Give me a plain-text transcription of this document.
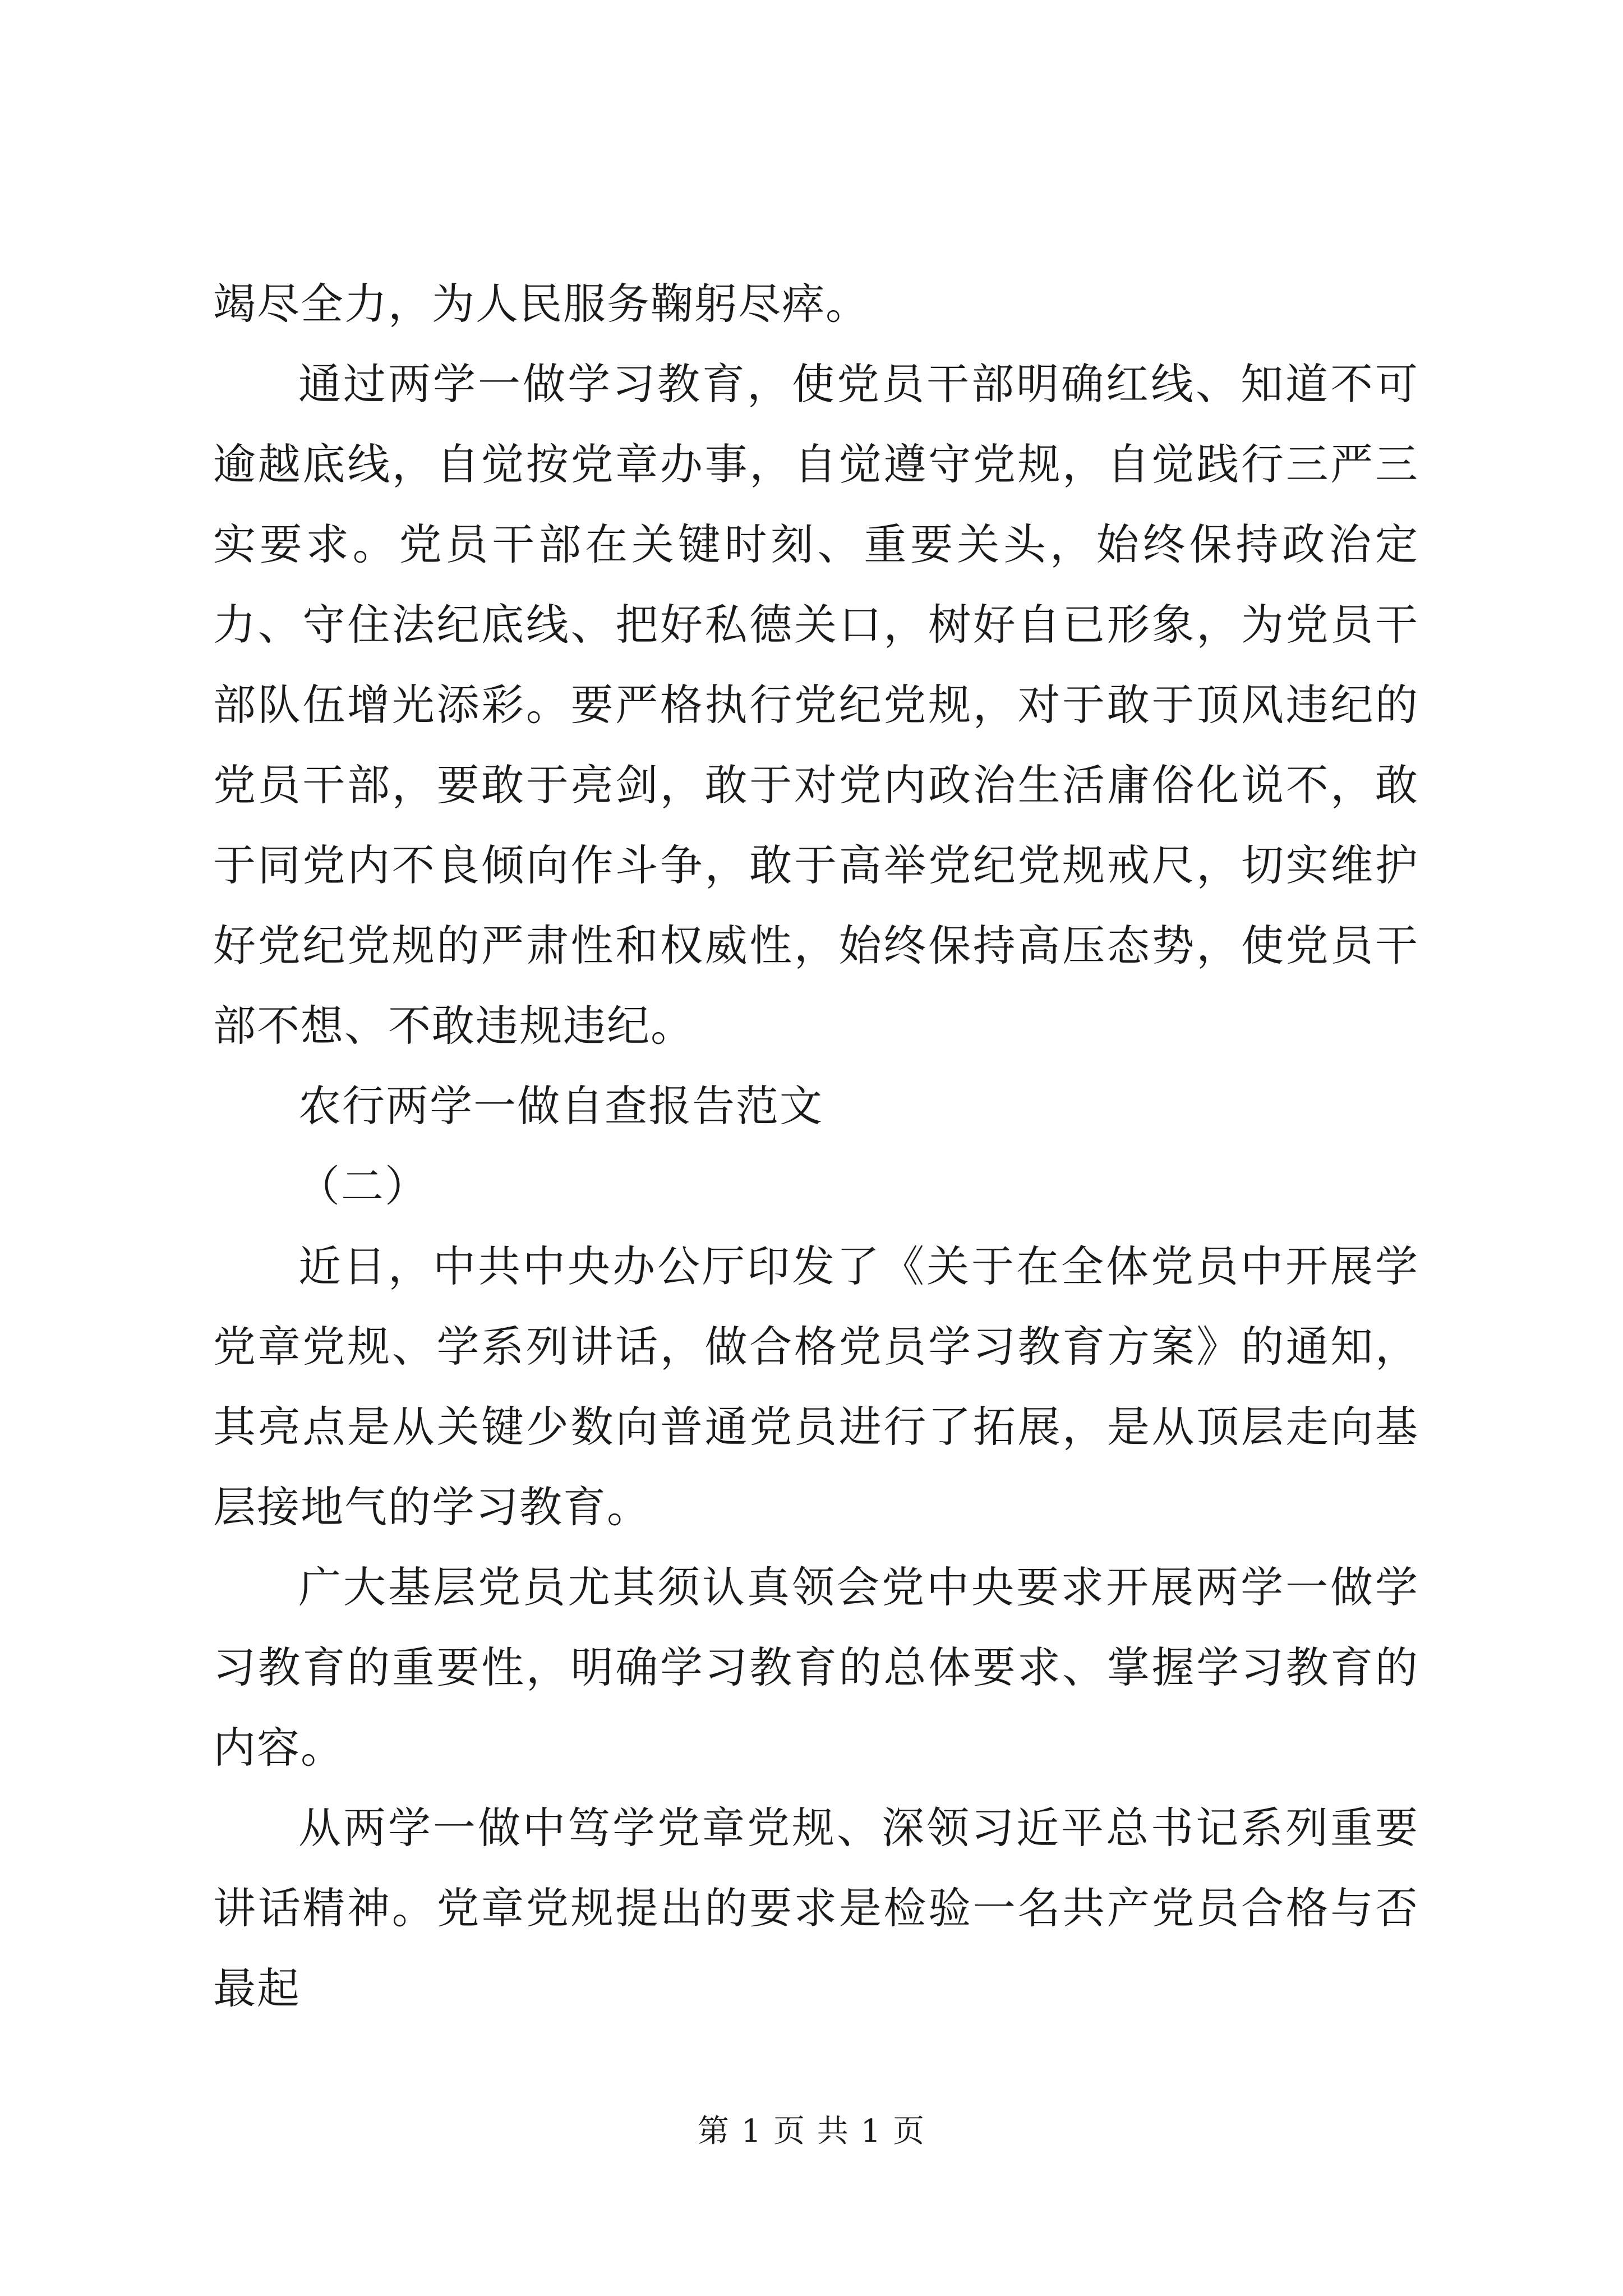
竭尽全力，为人民服务鞠躬尽瘁。

通过两学一做学习教育，使党员干部明确红线、知道不可逾越底线，自觉按党章办事，自觉遵守党规，自觉践行三严三实要求。党员干部在关键时刻、重要关头，始终保持政治定力、守住法纪底线、把好私德关口，树好自已形象，为党员干部队伍增光添彩。要严格执行党纪党规，对于敢于顶风违纪的党员干部，要敢于亮剑，敢于对党内政治生活庸俗化说不，敢于同党内不良倾向作斗争，敢于高举党纪党规戒尺，切实维护好党纪党规的严肃性和权威性，始终保持高压态势，使党员干部不想、不敢违规违纪。

农行两学一做自查报告范文

（二）

近日，中共中央办公厅印发了《关于在全体党员中开展学党章党规、学系列讲话，做合格党员学习教育方案》的通知，其亮点是从关键少数向普通党员进行了拓展，是从顶层走向基层接地气的学习教育。

广大基层党员尤其须认真领会党中央要求开展两学一做学习教育的重要性，明确学习教育的总体要求、掌握学习教育的内容。

从两学一做中笃学党章党规、深领习近平总书记系列重要讲话精神。党章党规提出的要求是检验一名共产党员合格与否最起

第 1 页 共 1 页
